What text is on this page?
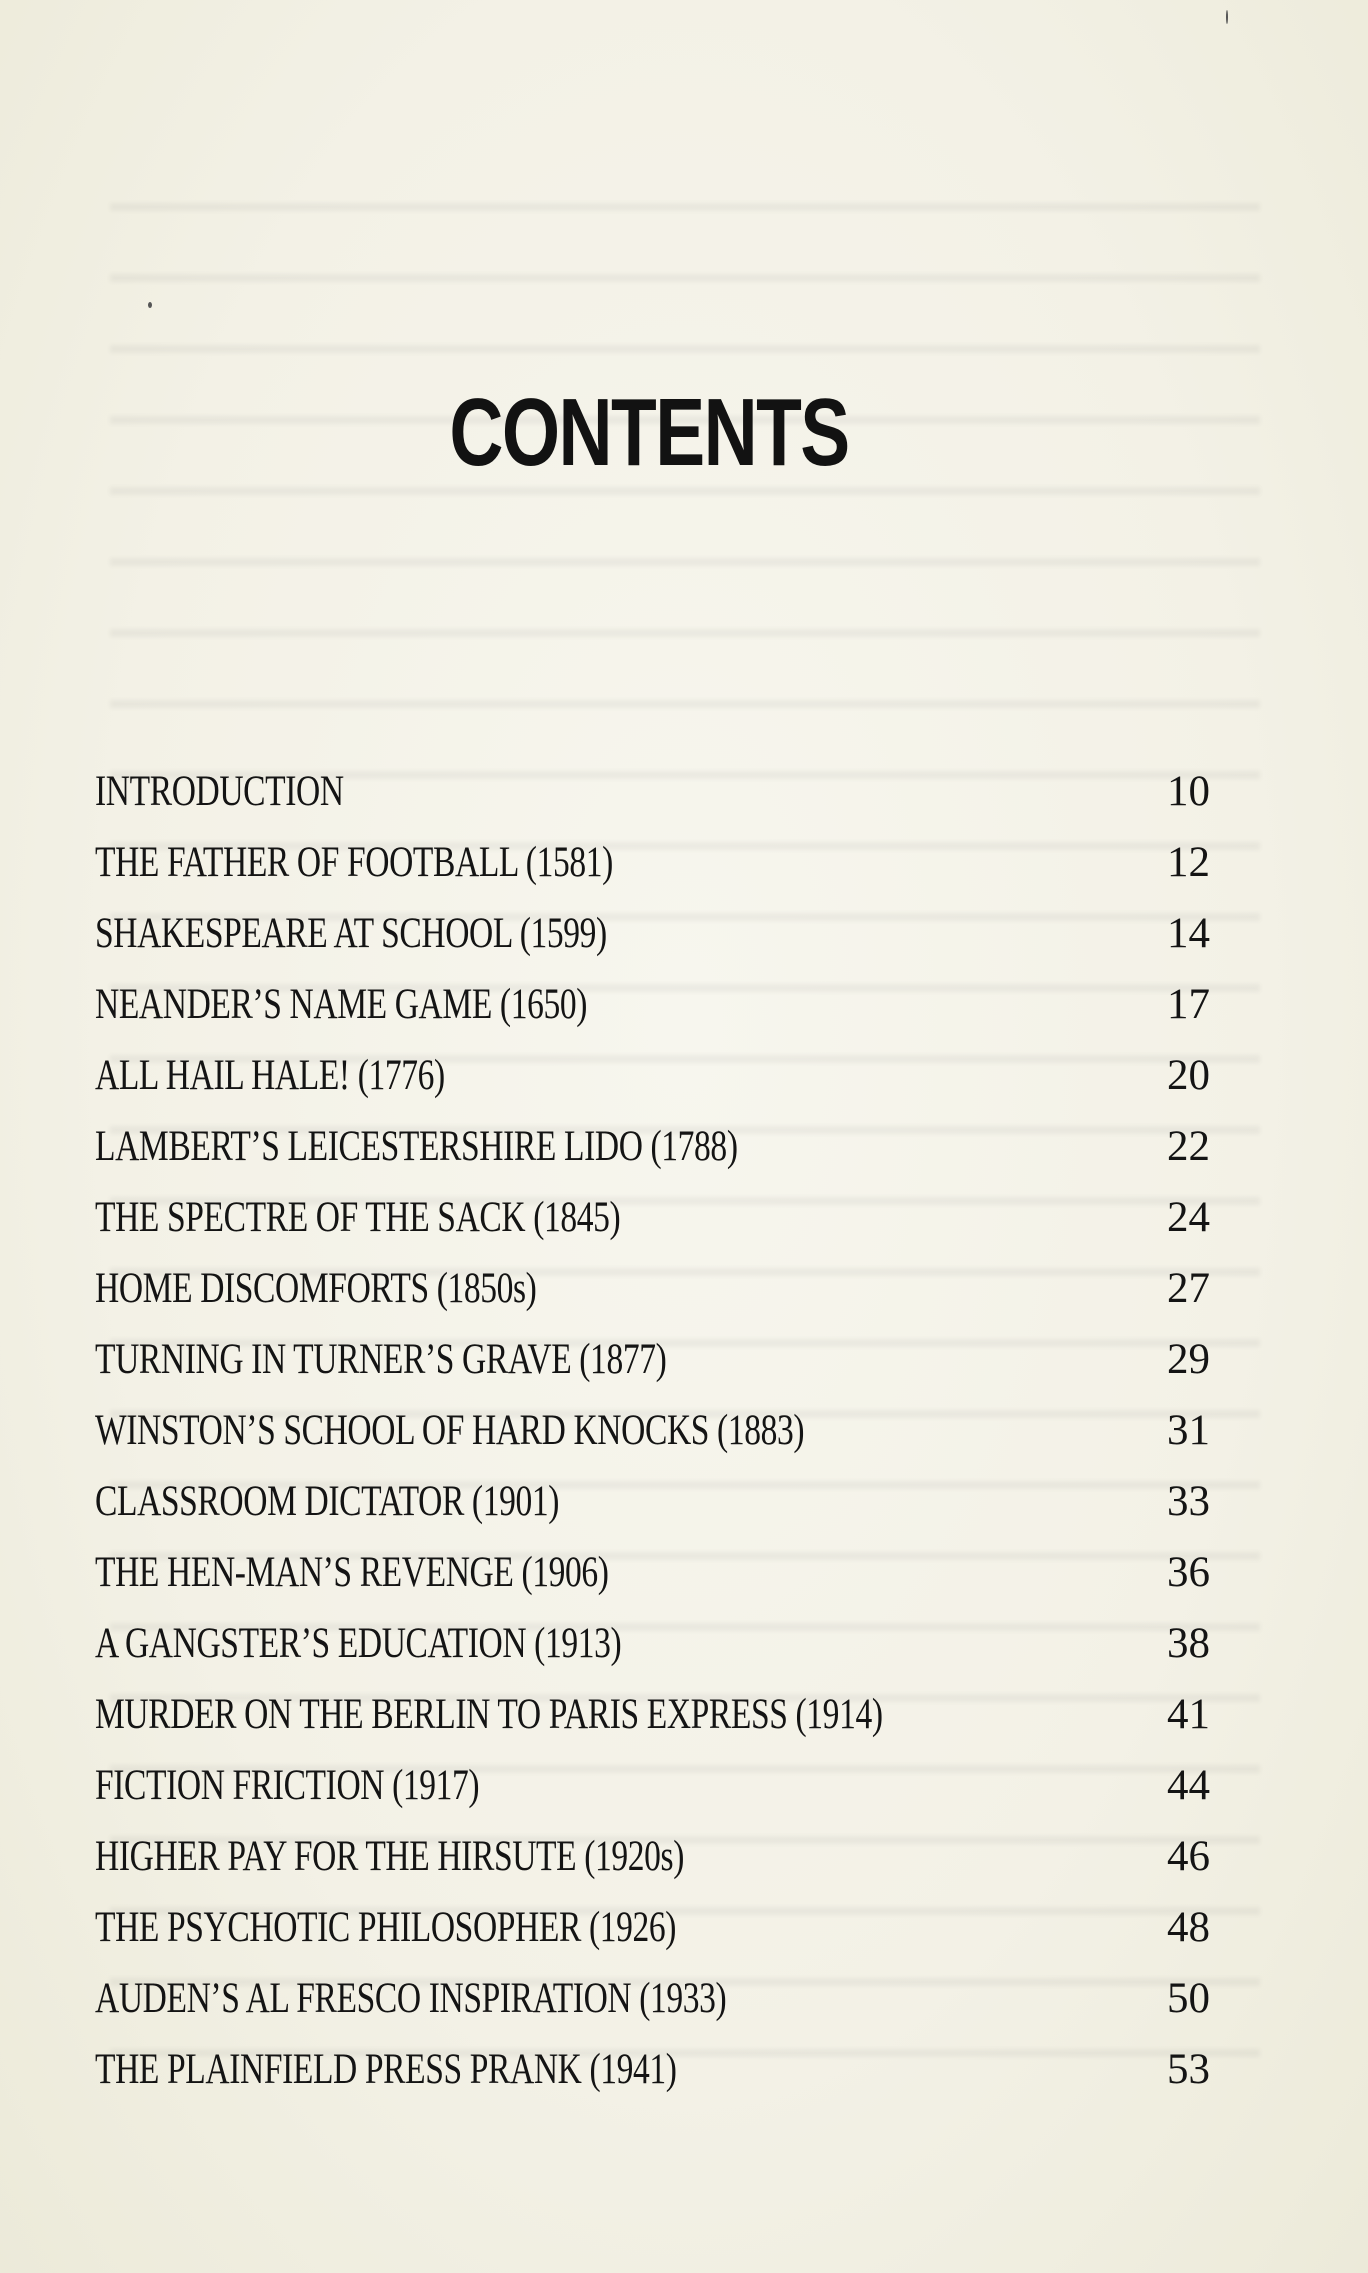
CONTENTS
INTRODUCTION	10
THE FATHER OF FOOTBALL (1581)	12
SHAKESPEARE AT SCHOOL (1599)	14
NEANDER’S NAME GAME (1650)	17
ALL HAIL HALE! (1776)	20
LAMBERT’S LEICESTERSHIRE LIDO (1788)	22
THE SPECTRE OF THE SACK (1845)	24
HOME DISCOMFORTS (1850s)	27
TURNING IN TURNER’S GRAVE (1877)	29
WINSTON’S SCHOOL OF HARD KNOCKS (1883)	31
CLASSROOM DICTATOR (1901)	33
THE HEN-MAN’S REVENGE (1906)	36
A GANGSTER’S EDUCATION (1913)	38
MURDER ON THE BERLIN TO PARIS EXPRESS (1914)	41
FICTION FRICTION (1917)	44
HIGHER PAY FOR THE HIRSUTE (1920s)	46
THE PSYCHOTIC PHILOSOPHER (1926)	48
AUDEN’S AL FRESCO INSPIRATION (1933)	50
THE PLAINFIELD PRESS PRANK (1941)	53
